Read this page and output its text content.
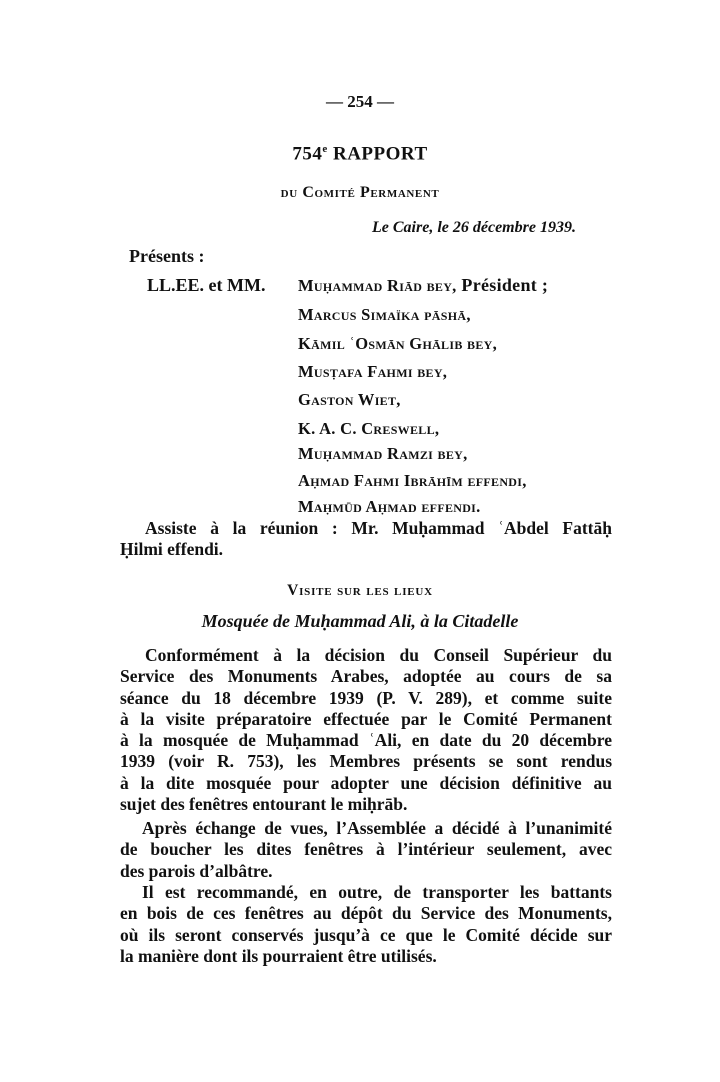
— 254 —
754e RAPPORT
du Comité Permanent
Le Caire, le 26 décembre 1939.
Présents :
LL.EE. et MM. Muḥammad Riād bey, Président ;
Marcus Simaïka pāshā,
Kāmil ʿOsmān Ghālib bey,
Musṭafa Fahmi bey,
Gaston Wiet,
K. A. C. Creswell,
Muḥammad Ramzi bey,
Aḥmad Fahmi Ibrāhīm effendi,
Maḥmūd Aḥmad effendi.
Assiste à la réunion : Mr. Muḥammad ʿAbdel Fattāḥ
Ḥilmi effendi.
Visite sur les lieux
Mosquée de Muḥammad Ali, à la Citadelle
Conformément à la décision du Conseil Supérieur du
Service des Monuments Arabes, adoptée au cours de sa
séance du 18 décembre 1939 (P. V. 289), et comme suite
à la visite préparatoire effectuée par le Comité Permanent
à la mosquée de Muḥammad ʿAli, en date du 20 décembre
1939 (voir R. 753), les Membres présents se sont rendus
à la dite mosquée pour adopter une décision définitive au
sujet des fenêtres entourant le miḥrāb.
Après échange de vues, l’Assemblée a décidé à l’unanimité
de boucher les dites fenêtres à l’intérieur seulement, avec
des parois d’albâtre.
Il est recommandé, en outre, de transporter les battants
en bois de ces fenêtres au dépôt du Service des Monuments,
où ils seront conservés jusqu’à ce que le Comité décide sur
la manière dont ils pourraient être utilisés.
